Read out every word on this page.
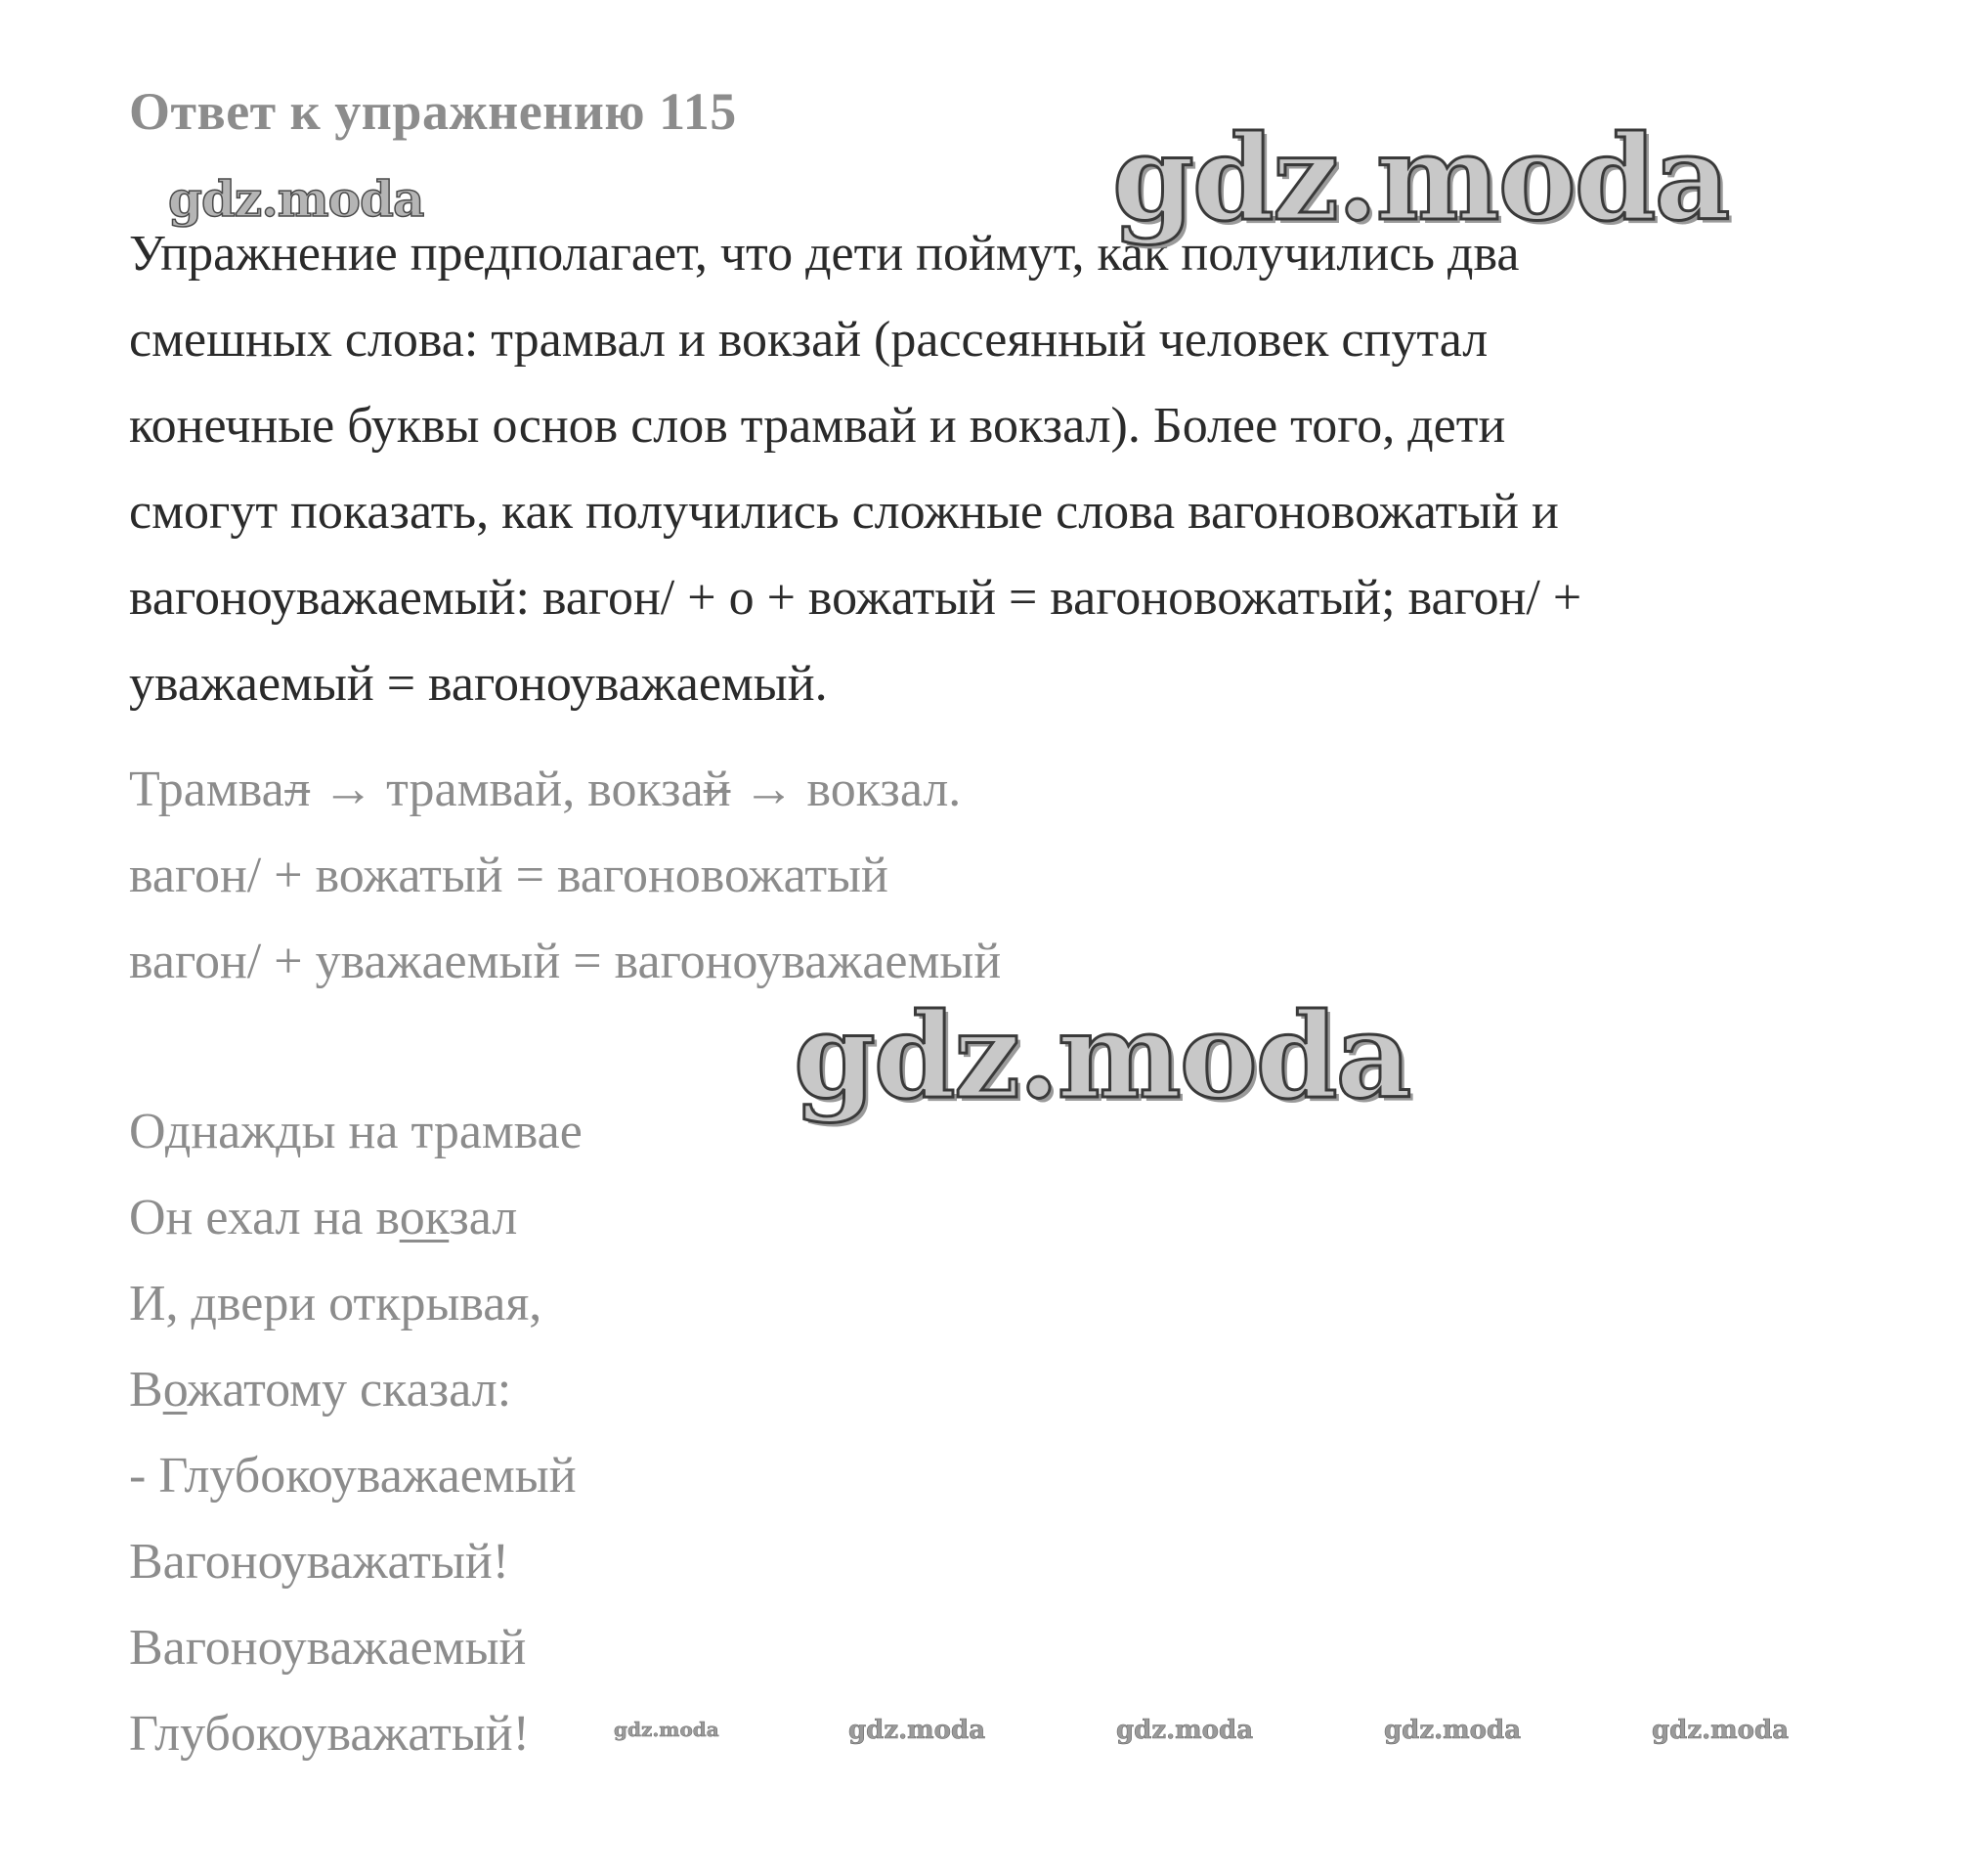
Ответ к упражнению 115

Упражнение предполагает, что дети поймут, как получились два

смешных слова: трамвал и вокзай (рассеянный человек спутал

конечные буквы основ слов трамвай и вокзал). Более того, дети

смогут показать, как получились сложные слова вагоновожатый и

вагоноуважаемый: вагон/ + о + вожатый = вагоновожатый; вагон/ +

уважаемый = вагоноуважаемый.

Трамвал → трамвай, вокзай → вокзал.

вагон/ + вожатый = вагоновожатый

вагон/ + уважаемый = вагоноуважаемый

Однажды на трамвае

Он ехал на вокзал

И, двери открывая,

Вожатому сказал:

- Глубокоуважаемый

Вагоноуважатый!

Вагоноуважаемый

Глубокоуважатый!

gdz.moda
gdz.moda
gdz.moda
gdz.moda	gdz.moda	gdz.moda	gdz.moda	gdz.moda
